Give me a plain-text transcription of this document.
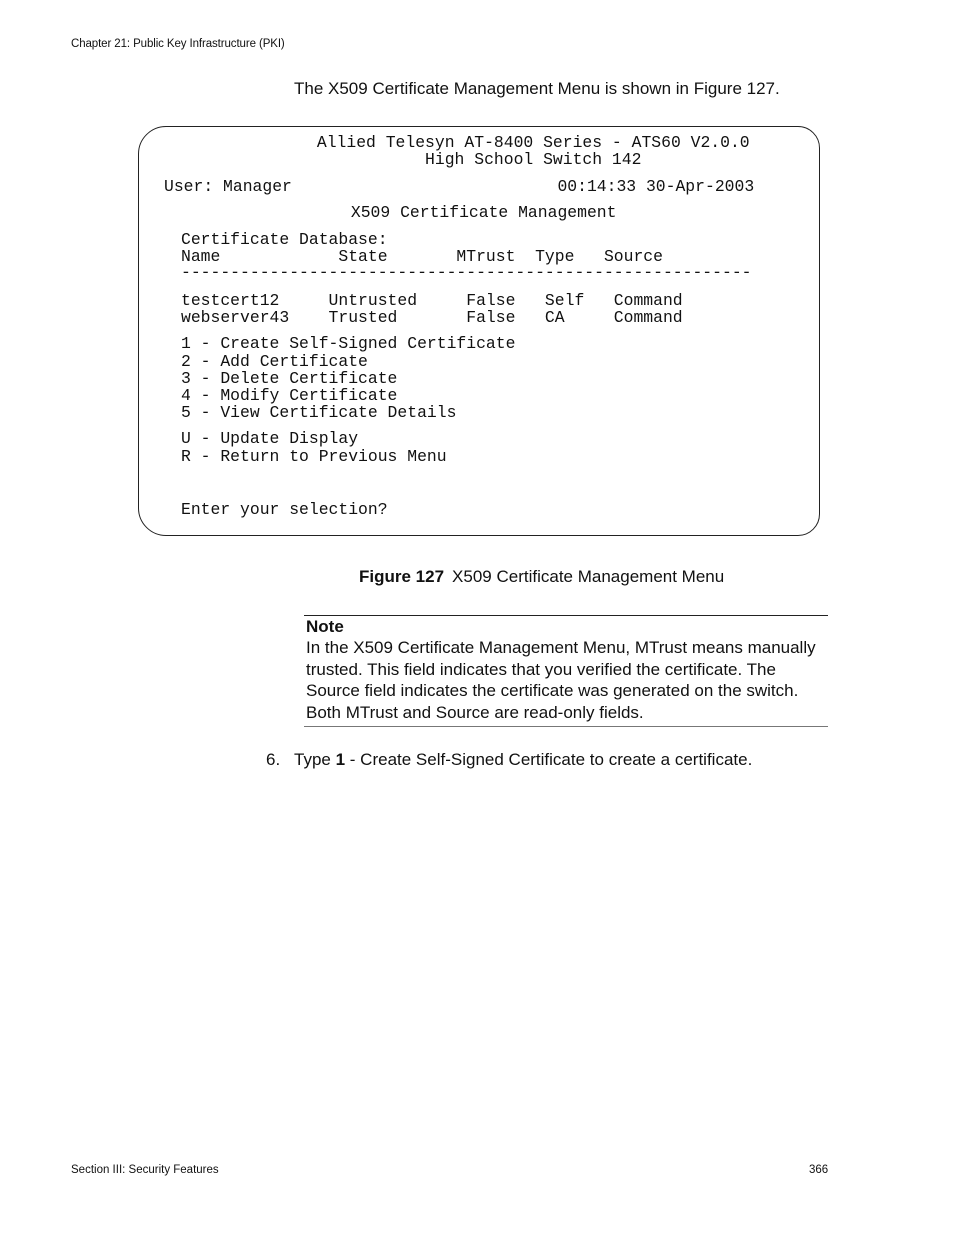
Chapter 21: Public Key Infrastructure (PKI)
The X509 Certificate Management Menu is shown in Figure 127.
Allied Telesyn AT-8400 Series - ATS60 V2.0.0
High School Switch 142
User: Manager                           00:14:33 30-Apr-2003
X509 Certificate Management
Certificate Database:
Name            State       MTrust  Type   Source
----------------------------------------------------------
testcert12     Untrusted     False   Self   Command
webserver43    Trusted       False   CA     Command
1 - Create Self-Signed Certificate
2 - Add Certificate
3 - Delete Certificate
4 - Modify Certificate
5 - View Certificate Details
U - Update Display
R - Return to Previous Menu
Enter your selection?
Figure 127 X509 Certificate Management Menu
Note
In the X509 Certificate Management Menu, MTrust means manually
trusted. This field indicates that you verified the certificate. The
Source field indicates the certificate was generated on the switch.
Both MTrust and Source are read-only fields.
6. Type 1 - Create Self-Signed Certificate to create a certificate.
Section III: Security Features	366
